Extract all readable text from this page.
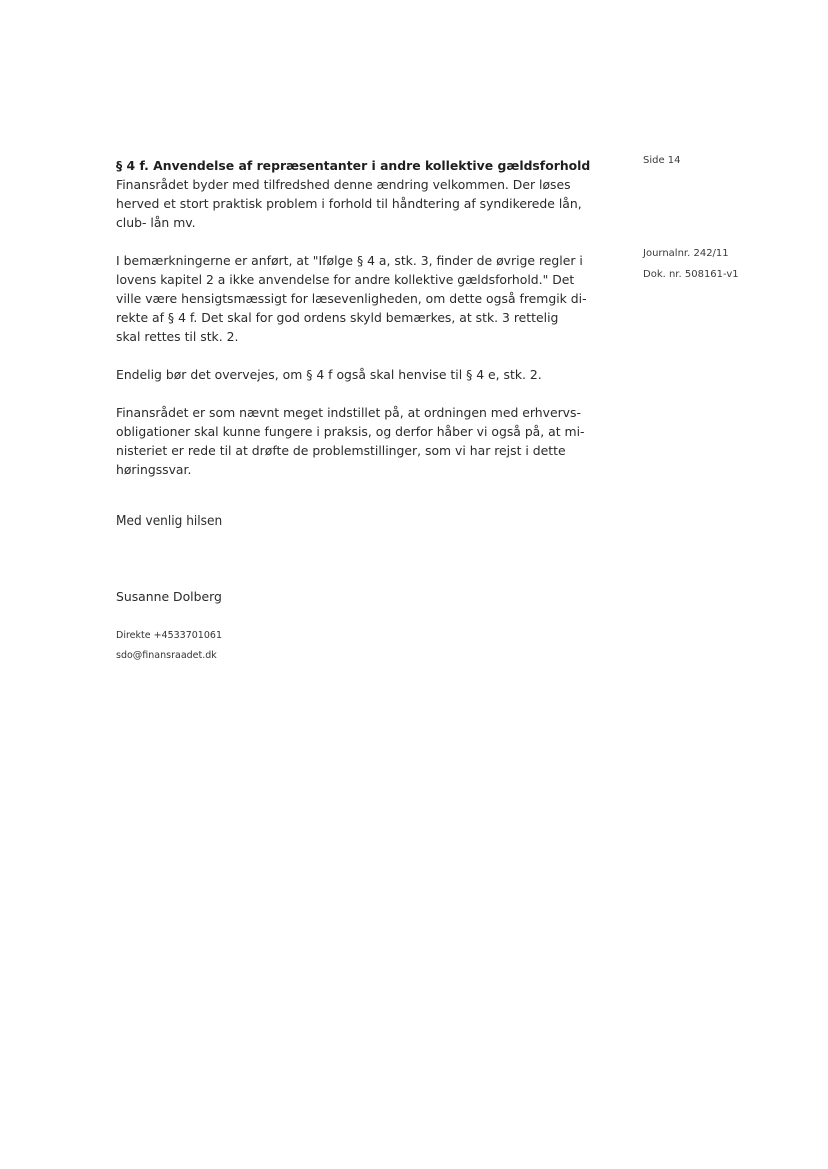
Side 14
Journalnr. 242/11
Dok. nr. 508161-v1
§ 4 f. Anvendelse af repræsentanter i andre kollektive gældsforhold

Finansrådet byder med tilfredshed denne ændring velkommen. Der løses
herved et stort praktisk problem i forhold til håndtering af syndikerede lån,
club- lån mv.

I bemærkningerne er anført, at "Ifølge § 4 a, stk. 3, finder de øvrige regler i
lovens kapitel 2 a ikke anvendelse for andre kollektive gældsforhold." Det
ville være hensigtsmæssigt for læsevenligheden, om dette også fremgik di-
rekte af § 4 f. Det skal for god ordens skyld bemærkes, at stk. 3 rettelig
skal rettes til stk. 2.

Endelig bør det overvejes, om § 4 f også skal henvise til § 4 e, stk. 2.

Finansrådet er som nævnt meget indstillet på, at ordningen med erhvervs-
obligationer skal kunne fungere i praksis, og derfor håber vi også på, at mi-
nisteriet er rede til at drøfte de problemstillinger, som vi har rejst i dette
høringssvar.

Med venlig hilsen
Susanne Dolberg
Direkte +4533701061
sdo@finansraadet.dk
